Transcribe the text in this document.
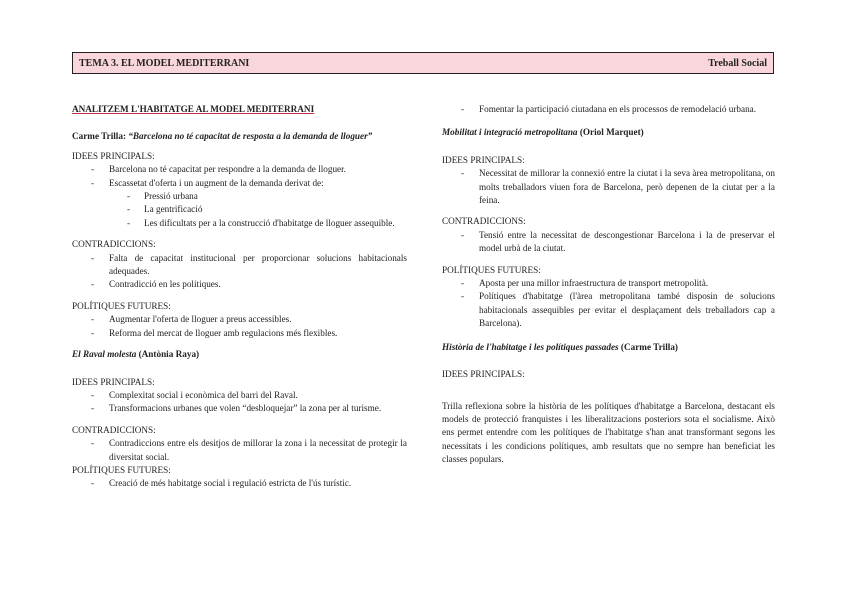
TEMA 3. EL MODEL MEDITERRANI	Treball Social

ANALITZEM L'HABITATGE AL MODEL MEDITERRANI

Carme Trilla: “Barcelona no té capacitat de resposta a la demanda de lloguer”

IDEES PRINCIPALS:

- Barcelona no té capacitat per respondre a la demanda de lloguer.
- Escassetat d'oferta i un augment de la demanda derivat de:
- Pressió urbana
- La gentrificació
- Les dificultats per a la construcció d'habitatge de lloguer assequible.

CONTRADICCIONS:

- Falta de capacitat institucional per proporcionar solucions habitacionals adequades.
- Contradicció en les polítiques.

POLÍTIQUES FUTURES:

- Augmentar l'oferta de lloguer a preus accessibles.
- Reforma del mercat de lloguer amb regulacions més flexibles.

El Raval molesta (Antònia Raya)

IDEES PRINCIPALS:

- Complexitat social i econòmica del barri del Raval.
- Transformacions urbanes que volen “desbloquejar” la zona per al turisme.

CONTRADICCIONS:

- Contradiccions entre els desitjos de millorar la zona i la necessitat de protegir la diversitat social.

POLÍTIQUES FUTURES:

- Creació de més habitatge social i regulació estricta de l'ús turístic.
- Fomentar la participació ciutadana en els processos de remodelació urbana.

Mobilitat i integració metropolitana (Oriol Marquet)

IDEES PRINCIPALS:

- Necessitat de millorar la connexió entre la ciutat i la seva àrea metropolitana, on molts treballadors viuen fora de Barcelona, però depenen de la ciutat per a la feina.

CONTRADICCIONS:

- Tensió entre la necessitat de descongestionar Barcelona i la de preservar el model urbà de la ciutat.

POLÍTIQUES FUTURES:

- Aposta per una millor infraestructura de transport metropolità.
- Polítiques d'habitatge (l'àrea metropolitana també disposin de solucions habitacionals assequibles per evitar el desplaçament dels treballadors cap a Barcelona).

Història de l'habitatge i les polítiques passades (Carme Trilla)

IDEES PRINCIPALS:

Trilla reflexiona sobre la història de les polítiques d'habitatge a Barcelona, destacant els models de protecció franquistes i les liberalitzacions posteriors sota el socialisme. Això ens permet entendre com les polítiques de l'habitatge s'han anat transformant segons les necessitats i les condicions polítiques, amb resultats que no sempre han beneficiat les classes populars.
